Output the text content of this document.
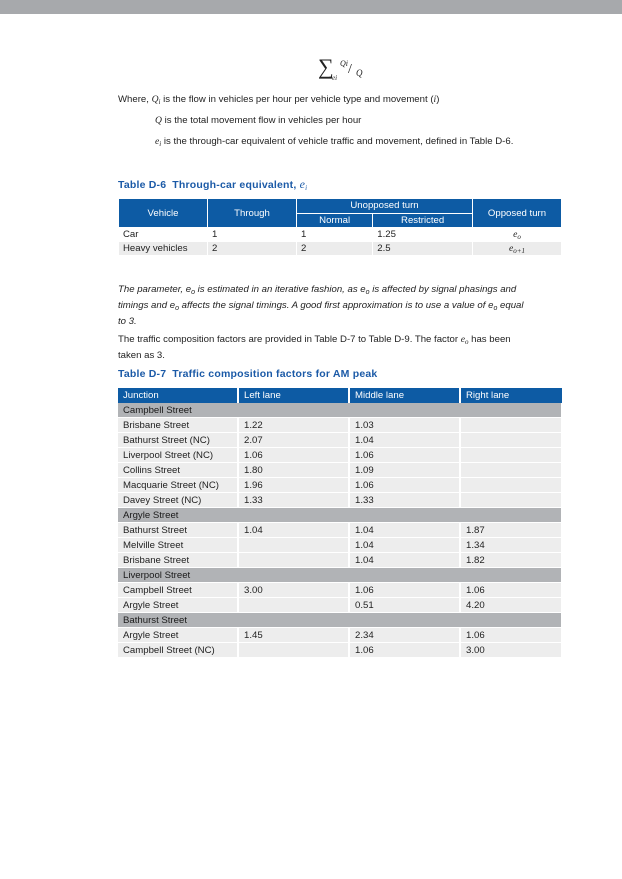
∑ Qi
ei
/ Q
Where, $Q_i$ is the flow in vehicles per hour per vehicle type and movement (i)
Q is the total movement flow in vehicles per hour
$e_i$ is the through-car equivalent of vehicle traffic and movement, defined in Table D-6.
Table D-6 Through-car equivalent, ei
Vehicle	Through	Unopposed turn		Opposed turn
		Normal	Restricted	
Car	1	1	1.25	$e_o$
Heavy vehicles	2	2	2.5	$e_{o+1}$
The parameter, $e_o$ is estimated in an iterative fashion, as $e_o$ is affected by signal phasings and
timings and $e_o$ affects the signal timings. A good first approximation is to use a value of $e_o$ equal
to 3.
The traffic composition factors are provided in Table D-7 to Table D-9. The factor $e_o$ has been
taken as 3.
Table D-7 Traffic composition factors for AM peak
Junction	Left lane	Middle lane	Right lane
Campbell Street			
Brisbane Street	1.22	1.03	
Bathurst Street (NC)	2.07	1.04	
Liverpool Street (NC)	1.06	1.06	
Collins Street	1.80	1.09	
Macquarie Street (NC)	1.96	1.06	
Davey Street (NC)	1.33	1.33	
Argyle Street			
Bathurst Street	1.04	1.04	1.87
Melville Street		1.04	1.34
Brisbane Street		1.04	1.82
Liverpool Street			
Campbell Street	3.00	1.06	1.06
Argyle Street		0.51	4.20
Bathurst Street			
Argyle Street	1.45	2.34	1.06
Campbell Street (NC)		1.06	3.00
